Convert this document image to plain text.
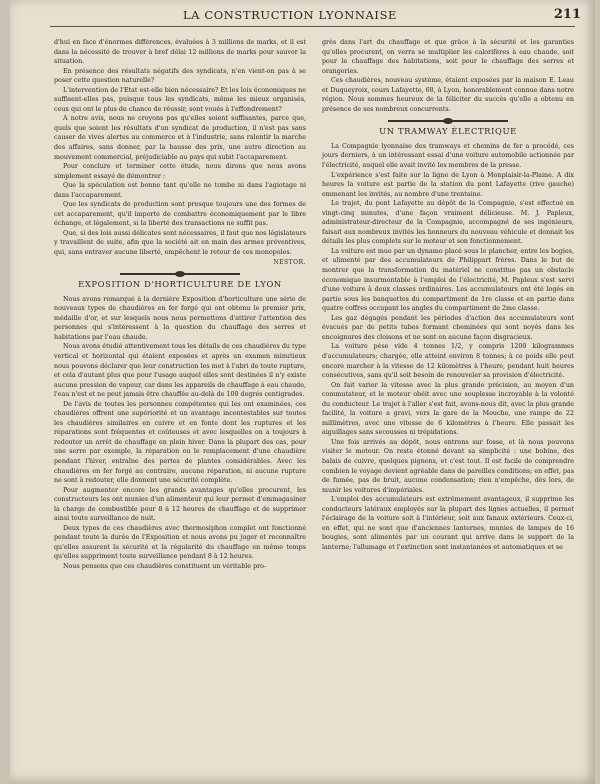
LA CONSTRUCTION LYONNAISE	211

d'hui en face d'énormes différences, évaluées à 3 millions de marks, et il est dans la nécessité de trouver à bref délai 12 millions de marks pour sauver la situation.

En présence des résultats négatifs des syndicats, n'en vient-on pas à se poser cette question naturelle?

L'intervention de l'Etat est-elle bien nécessaire? Et les lois économiques ne suffisent-elles pas, puisque tous les syndicats, même les mieux organisés, ceux qui ont le plus de chance de réussir, sont voués à l'effondrement?

A notre avis, nous ne croyons pas qu'elles soient suffisantes, parce que, quels que soient les résultats d'un syndicat de production, il n'est pas sans causer de vives alertes au commerce et à l'industrie, sans ralentir la marche des affaires, sans donner, par la hausse des prix, une autre direction au mouvement commercial, préjudiciable au pays qui subit l'accaparement.

Pour conclure et terminer cette étude, nous dirons que nous avons simplement essayé de démontrer :

Que la spéculation est bonne tant qu'elle ne tombe ni dans l'agiotage ni dans l'accaparement.

Que les syndicats de production sont presque toujours une des formes de cet accaparement, qu'il importe de combattre économiquement par le libre échange, et légalement, si la liberté des transactions ne suffit pas.

Que, si des lois aussi délicates sont nécessaires, il faut que nos législateurs y travaillent de suite, afin que la société ait en main des armes préventives, qui, sans entraver aucune liberté, empêchent le retour de ces monopoles.

NESTOR.
EXPOSITION D'HORTICULTURE DE LYON

Nous avons remarqué à la dernière Exposition d'horticulture une série de nouveaux types de chaudières en fer forgé qui ont obtenu le premier prix, médaille d'or, et sur lesquels nous nous permettons d'attirer l'attention des personnes qui s'intéressent à la question du chauffage des serres et habitations par l'eau chaude.

Nous avons étudié attentivement tous les détails de ces chaudières du type vertical et horizontal qui étaient exposées et après un examen minutieux nous pouvons déclarer que leur construction les met à l'abri de toute rupture, et cela d'autant plus que pour l'usage auquel elles sont destinées il n'y existe aucune pression de vapeur, car dans les appareils de chauffage à eau chaude, l'eau n'est et ne peut jamais être chauffée au-delà de 100 degrés centigrades.

De l'avis de toutes les personnes compétentes qui les ont examinées, ces chaudières offrent une supériorité et un avantage incontestables sur toutes les chaudières similaires en cuivre et en fonte dont les ruptures et les réparations sont fréquentes et coûteuses et avec lesquelles on a toujours à redouter un arrêt de chauffage en plein hiver. Dans la plupart des cas, pour une serre par exemple, la réparation ou le remplacement d'une chaudière pendant l'hiver, entraîne des pertes de plantes considérables. Avec les chaudières en fer forgé au contraire, aucune réparation, ni aucune rupture ne sont à redouter, elle donnent une sécurité complète.

Pour augmenter encore les grands avantages qu'elles procurent, les constructeurs les ont munies d'un alimenteur qui leur permet d'emmagasiner la charge de combustible pour 8 à 12 heures de chauffage et de supprimer ainsi toute surveillance de nuit.

Deux types de ces chaudières avec thermosiphon complet ont fonctionné pendant toute la durée de l'Exposition et nous avons pu juger et reconnaître qu'elles assurent la sécurité et la régularité du chauffage en même temps qu'elles suppriment toute surveillance pendant 8 à 12 heures.

Nous pensons que ces chaudières constituent un véritable pro-

grès dans l'art du chauffage et que grâce à la sécurité et les garanties qu'elles procurent, on verra se multiplier les calorifères à eau chaude, soit pour le chauffage des habitations, soit pour le chauffage des serres et orangeries.

Ces chaudières, nouveau système, étaient exposées par la maison E. Leau et Duqueyroix, cours Lafayette, 68, à Lyon, honorablement connue dans notre région. Nous sommes heureux de la féliciter du succès qu'elle a obtenu en présence de ses nombreux concurrents.

UN TRAMWAY ÉLECTRIQUE

La Compagnie lyonnaise des tramways et chemins de fer a procédé, ces jours derniers, à un intéressant essai d'une voiture automobile actionnée par l'électricité, auquel elle avait invité les membres de la presse.

L'expérience s'est faite sur la ligne de Lyon à Monplaisir-la-Plaine. A dix heures la voiture est partie de la station du pont Lafayette (rive gauche) emmenant les invités, au nombre d'une trentaine.

Le trajet, du pont Lafayette au dépôt de la Compagnie, s'est effectué en vingt-cinq minutes, d'une façon vraiment délicieuse. M. J. Papleux, administrateur-directeur de la Compagnie, accompagné de ses ingénieurs, faisait aux nombreux invités les honneurs du nouveau véhicule et donnait les détails les plus complets sur le moteur et son fonctionnement.

La voiture est mue par un dynamo placé sous le plancher, entre les bogies, et alimenté par des accumulateurs de Philippart frères. Dans le but de montrer que la transformation du matériel ne constitue pas un obstacle économique insurmontable à l'emploi de l'électricité, M. Papleux s'est servi d'une voiture à deux classes ordinaires. Les accumulateurs ont été logés en partie sous les banquettes du compartiment de 1re classe et en partie dans quatre coffres occupant les angles du compartiment de 2me classe.

Les gaz dégagés pendant les périodes d'action des accumulateurs sont évacués par de petits tubes formant cheminées qui sont noyés dans les encoignures des cloisons et ne sont en aucune façon disgracieux.

La voiture pèse vide 4 tonnes 1/2, y compris 1200 kilogrammes d'accumulateurs; chargée, elle atteint environ 8 tonnes; à ce poids elle peut encore marcher à la vitesse de 12 kilomètres à l'heure, pendant huit heures consécutives, sans qu'il soit besoin de renouveler sa provision d'électricité.

On fait varier la vitesse avec la plus grande précision, au moyen d'un commutateur, et le moteur obéit avec une souplesse incroyable à la volonté du conducteur. Le trajet à l'aller s'est fait, avons-nous dit, avec la plus grande facilité, la voiture a gravi, vers la gare de la Mouche, une rampe de 22 millimètres, avec une vitesse de 6 kilomètres à l'heure. Elle passait les aiguillages sans secousses ni trépidations.

Une fois arrivés au dépôt, nous entrons sur fosse, et là nous pouvons visiter le moteur. On reste étonné devant sa simplicité : une bobine, des balais de cuivre, quelques pignons, et c'est tout. Il est facile de comprendre combien le voyage devient agréable dans de pareilles conditions; en effet, pas de fumée, pas de bruit, aucune condensation; rien n'empêche, dès lors, de munir les voitures d'impériales.

L'emploi des accumulateurs est extrêmement avantageux, il supprime les conducteurs latéraux employés sur la plupart des lignes actuelles, il permet l'éclairage de la voiture soit à l'intérieur, soit aux fanaux extérieurs. Ceux-ci, en effet, qui ne sont que d'anciennes lanternes, munies de lampes de 16 bougies, sont alimentés par un courant qui arrive dans le support de la lanterne; l'allumage et l'extinction sont instantanées et automatiques et se
